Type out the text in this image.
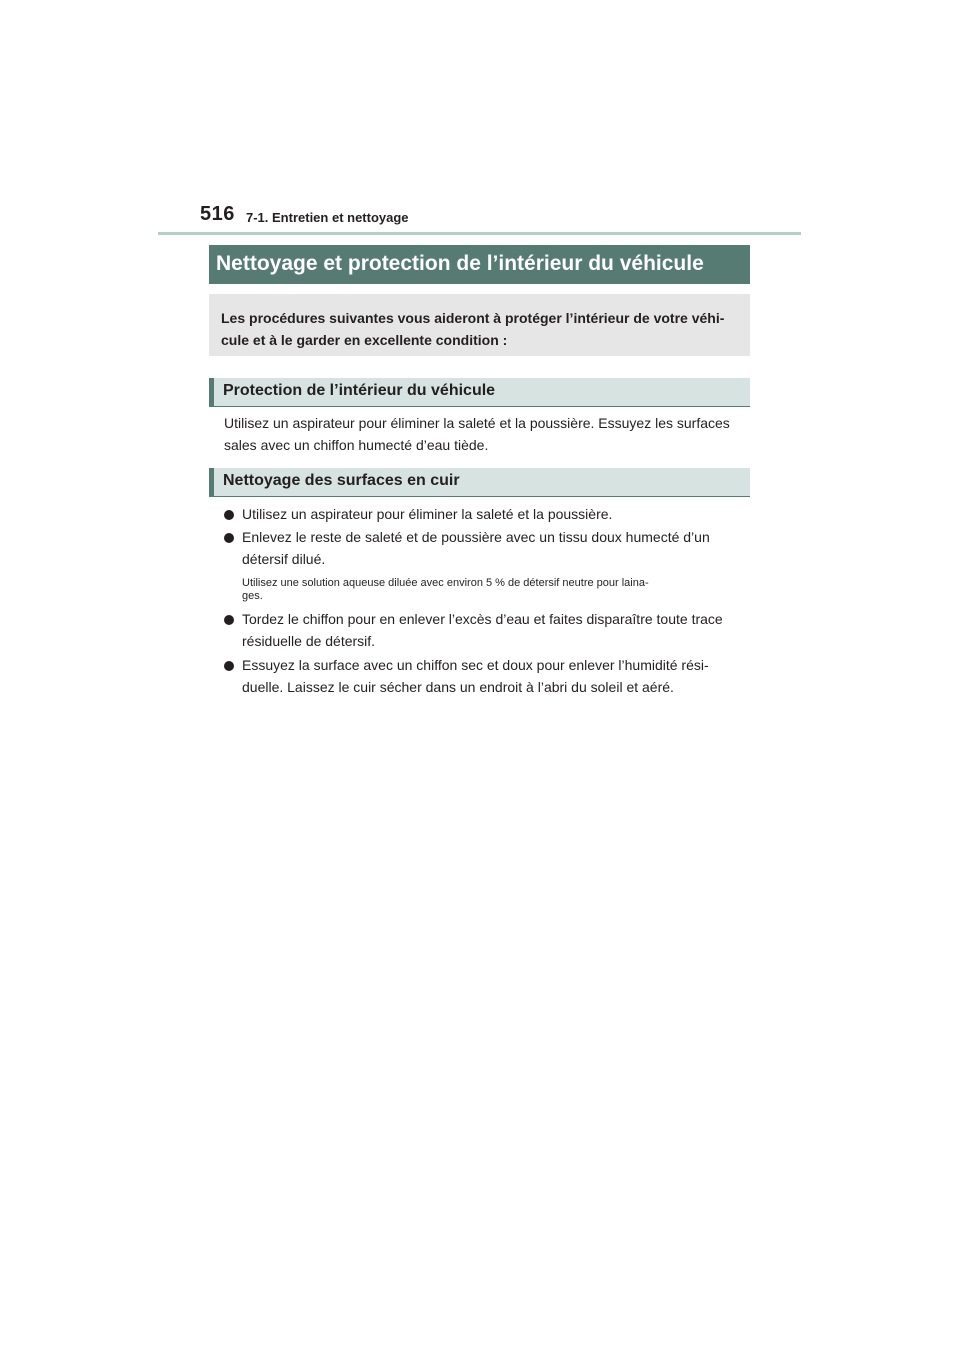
516 7-1. Entretien et nettoyage
Nettoyage et protection de l’intérieur du véhicule
Les procédures suivantes vous aideront à protéger l’intérieur de votre véhi-
cule et à le garder en excellente condition :
Protection de l’intérieur du véhicule
Utilisez un aspirateur pour éliminer la saleté et la poussière. Essuyez les surfaces
sales avec un chiffon humecté d’eau tiède.
Nettoyage des surfaces en cuir
Utilisez un aspirateur pour éliminer la saleté et la poussière.
Enlevez le reste de saleté et de poussière avec un tissu doux humecté d’un
détersif dilué.
Utilisez une solution aqueuse diluée avec environ 5 % de détersif neutre pour laina-
ges.
Tordez le chiffon pour en enlever l’excès d’eau et faites disparaître toute trace
résiduelle de détersif.
Essuyez la surface avec un chiffon sec et doux pour enlever l’humidité rési-
duelle. Laissez le cuir sécher dans un endroit à l’abri du soleil et aéré.
